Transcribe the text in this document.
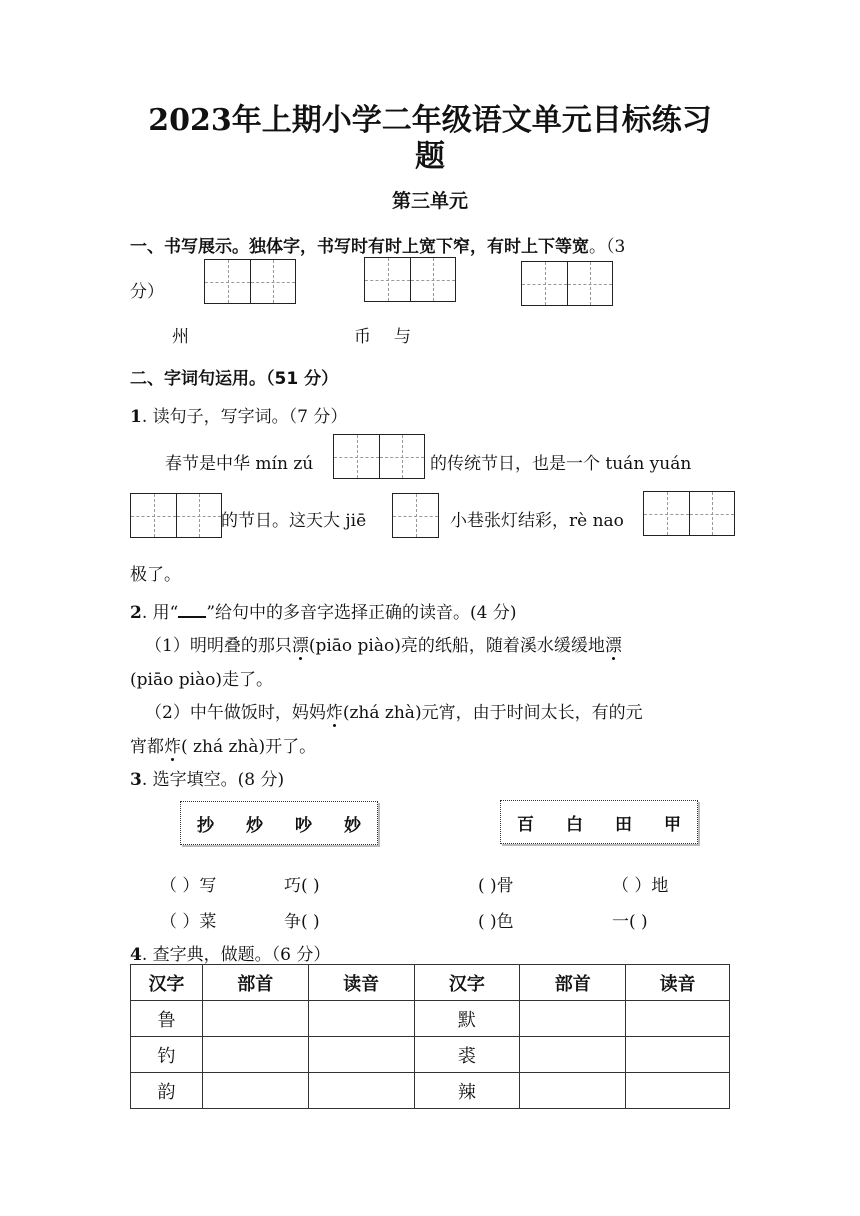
2023年上期小学二年级语文单元目标练习
题
第三单元
一、书写展示。独体字，书写时有时上宽下窄，有时上下等宽。（3
分）
州	币 与
二、字词句运用。（51 分）
1. 读句子，写字词。（7 分）
春节是中华 mín zú	的传统节日，也是一个 tuán yuán
的节日。这天大 jiē	小巷张灯结彩，rè nao
极了。
2. 用“ ”给句中的多音字选择正确的读音。(4 分)
（1）明明叠的那只漂(piāo piào)亮的纸船，随着溪水缓缓地漂
(piāo piào)走了。
（2）中午做饭时，妈妈炸(zhá zhà)元宵，由于时间太长，有的元
宵都炸( zhá zhà)开了。
3. 选字填空。(8 分)
抄 炒 吵 妙	百 白 田 甲
（ ）写	巧( )	( )骨	（ ）地
（ ）菜	争( )	( )色	一( )
4. 查字典，做题。（6 分）
汉字	部首	读音	汉字	部首	读音
鲁			默		
钓			裘		
韵			辣		
